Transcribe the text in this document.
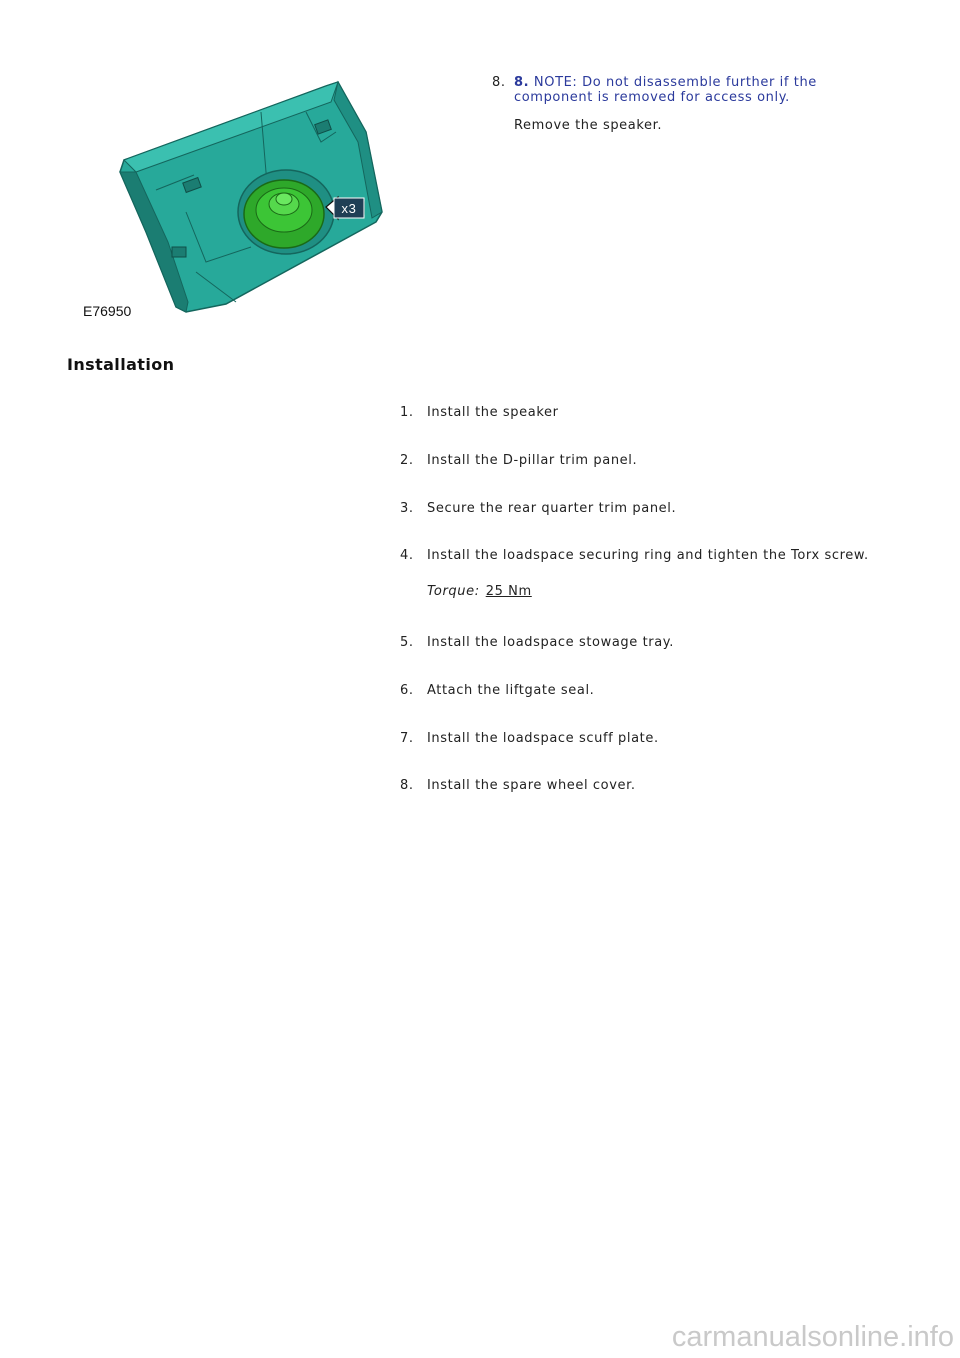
x3
E76950
8. 8. NOTE: Do not disassemble further if the component is removed for access only.
Remove the speaker.
Installation
1.	Install the speaker
2.	Install the D-pillar trim panel.
3.	Secure the rear quarter trim panel.
4.	Install the loadspace securing ring and tighten the Torx screw.
Torque: 25 Nm
5.	Install the loadspace stowage tray.
6.	Attach the liftgate seal.
7.	Install the loadspace scuff plate.
8.	Install the spare wheel cover.
carmanualsonline.info
